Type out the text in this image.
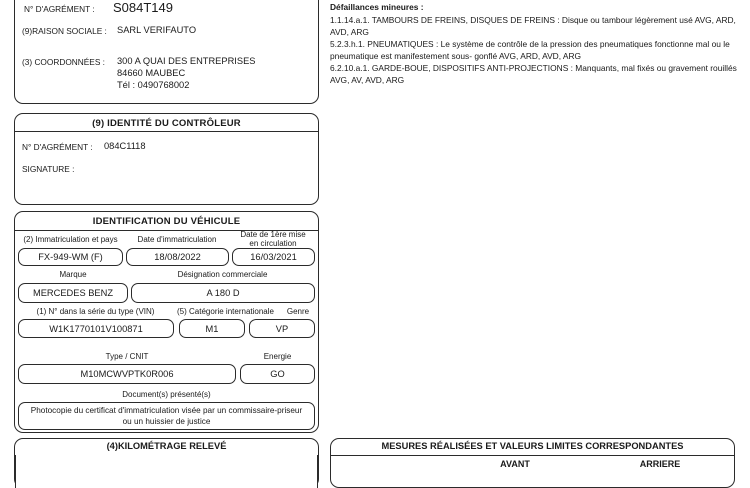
N° D'AGRÉMENT : S084T149
(9)RAISON SOCIALE : SARL VERIFAUTO
(3) COORDONNÉES : 300 A QUAI DES ENTREPRISES
84660 MAUBEC
Tél : 0490768002
(9) IDENTITÉ DU CONTRÔLEUR
N° D'AGRÉMENT : 084C1118
SIGNATURE :
IDENTIFICATION DU VÉHICULE
(2) Immatriculation et pays	Date d'immatriculation
Date de 1ère mise
en circulation
FX-949-WM (F)	18/08/2022	16/03/2021
Marque	Désignation commerciale
MERCEDES BENZ	A 180 D
(1) N° dans la série du type (VIN)	(5) Catégorie internationale	Genre
W1K1770101V100871	M1	VP
Type / CNIT	Energie
M10MCWVPTK0R006	GO
Document(s) présenté(s)
Photocopie du certificat d'immatriculation visée par un commissaire-priseur
ou un huissier de justice
Défaillances mineures :

1.1.14.a.1. TAMBOURS DE FREINS, DISQUES DE FREINS : Disque ou tambour légèrement usé AVG, ARD, AVD, ARG

5.2.3.h.1. PNEUMATIQUES : Le système de contrôle de la pression des pneumatiques fonctionne mal ou le pneumatique est manifestement sous- gonflé AVG, ARD, AVD, ARG

6.2.10.a.1. GARDE-BOUE, DISPOSITIFS ANTI-PROJECTIONS : Manquants, mal fixés ou gravement rouillés AVG, AV, AVD, ARG

(4)KILOMÉTRAGE RELEVÉ	MESURES RÉALISÉES ET VALEURS LIMITES CORRESPONDANTES
AVANT	ARRIERE
